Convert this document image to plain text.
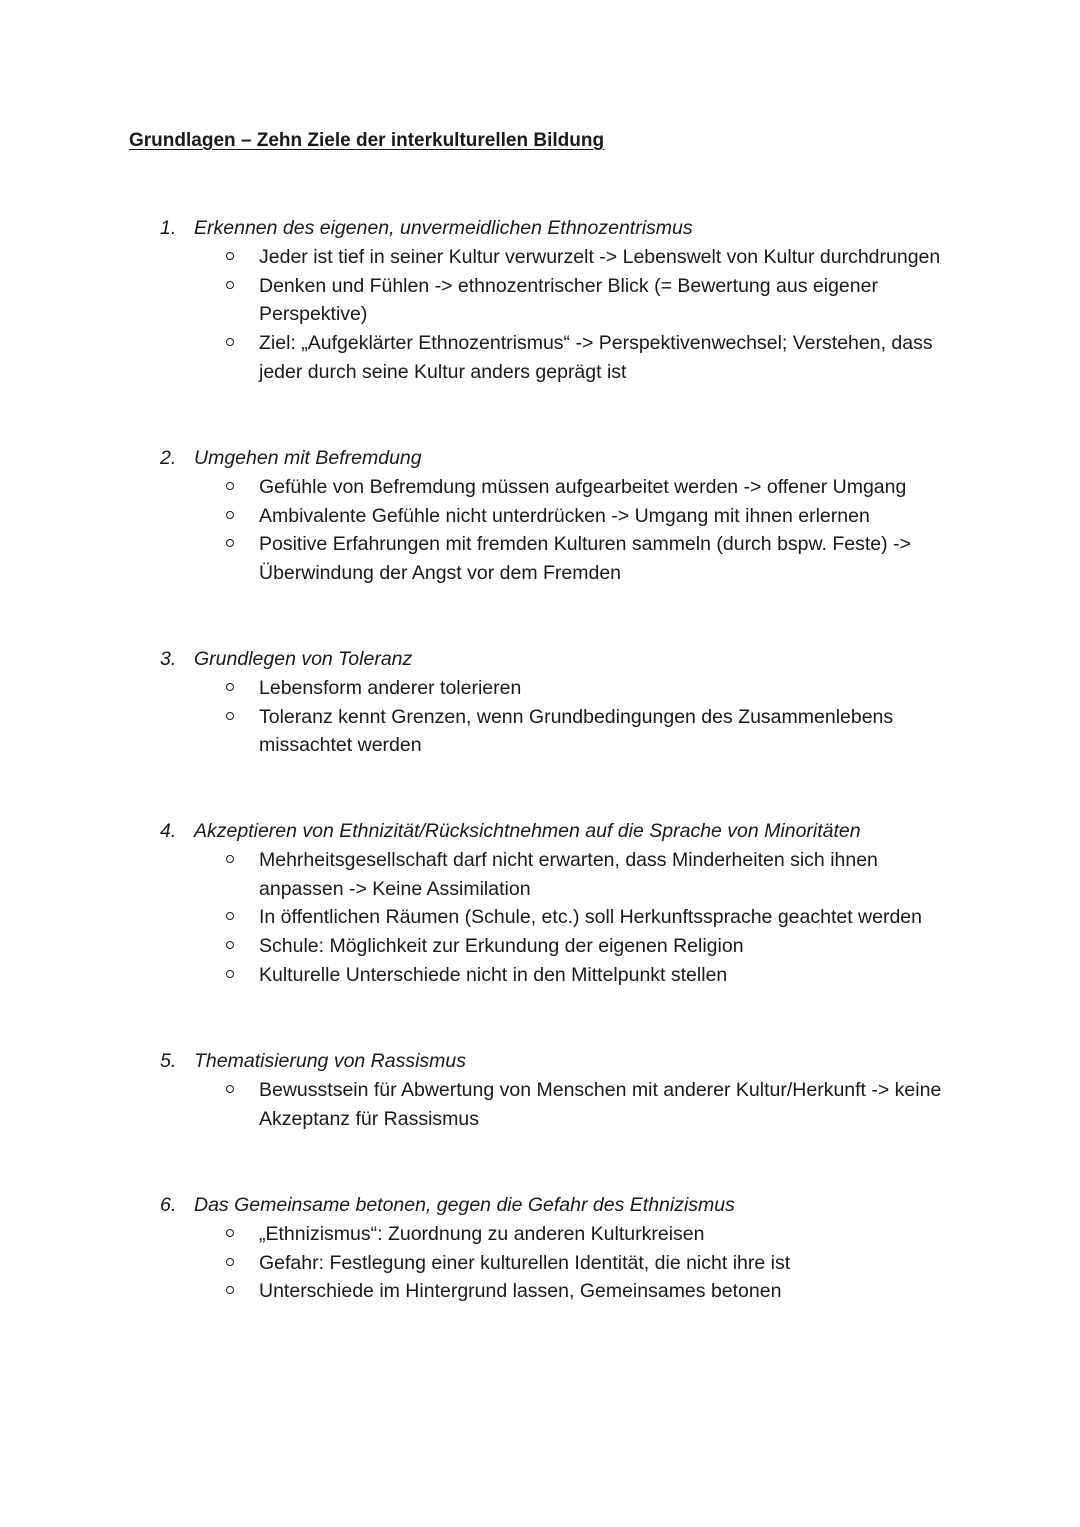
Grundlagen – Zehn Ziele der interkulturellen Bildung
1. Erkennen des eigenen, unvermeidlichen Ethnozentrismus
Jeder ist tief in seiner Kultur verwurzelt -> Lebenswelt von Kultur durchdrungen
Denken und Fühlen -> ethnozentrischer Blick (= Bewertung aus eigener Perspektive)
Ziel: „Aufgeklärter Ethnozentrismus“ -> Perspektivenwechsel; Verstehen, dass jeder durch seine Kultur anders geprägt ist
2. Umgehen mit Befremdung
Gefühle von Befremdung müssen aufgearbeitet werden -> offener Umgang
Ambivalente Gefühle nicht unterdrücken -> Umgang mit ihnen erlernen
Positive Erfahrungen mit fremden Kulturen sammeln (durch bspw. Feste) -> Überwindung der Angst vor dem Fremden
3. Grundlegen von Toleranz
Lebensform anderer tolerieren
Toleranz kennt Grenzen, wenn Grundbedingungen des Zusammenlebens missachtet werden
4. Akzeptieren von Ethnizität/Rücksichtnehmen auf die Sprache von Minoritäten
Mehrheitsgesellschaft darf nicht erwarten, dass Minderheiten sich ihnen anpassen -> Keine Assimilation
In öffentlichen Räumen (Schule, etc.) soll Herkunftssprache geachtet werden
Schule: Möglichkeit zur Erkundung der eigenen Religion
Kulturelle Unterschiede nicht in den Mittelpunkt stellen
5. Thematisierung von Rassismus
Bewusstsein für Abwertung von Menschen mit anderer Kultur/Herkunft -> keine Akzeptanz für Rassismus
6. Das Gemeinsame betonen, gegen die Gefahr des Ethnizismus
„Ethnizismus“: Zuordnung zu anderen Kulturkreisen
Gefahr: Festlegung einer kulturellen Identität, die nicht ihre ist
Unterschiede im Hintergrund lassen, Gemeinsames betonen
